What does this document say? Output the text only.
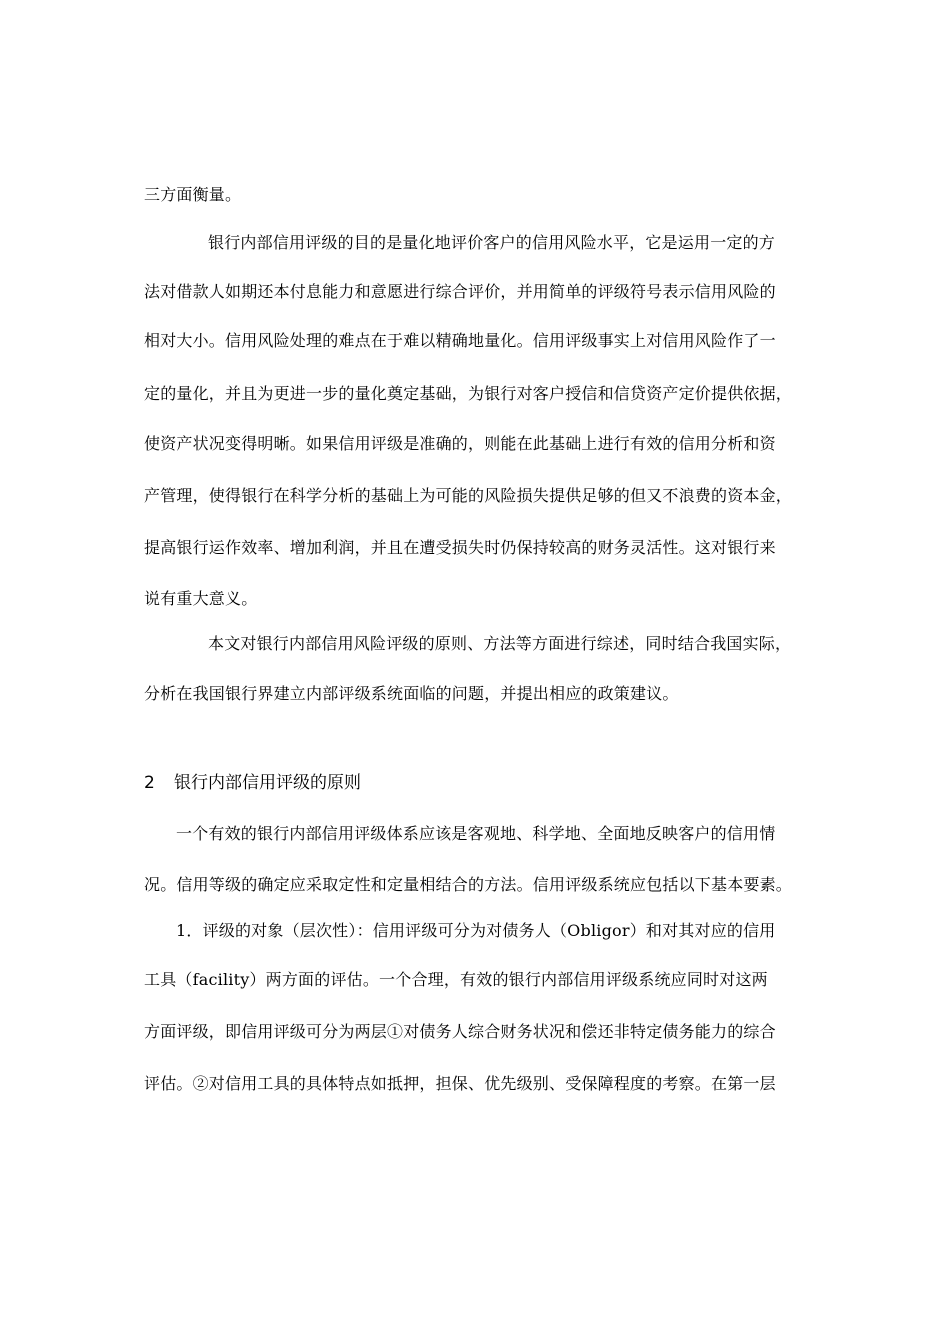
三方面衡量。
银行内部信用评级的目的是量化地评价客户的信用风险水平，它是运用一定的方
法对借款人如期还本付息能力和意愿进行综合评价，并用简单的评级符号表示信用风险的
相对大小。信用风险处理的难点在于难以精确地量化。信用评级事实上对信用风险作了一
定的量化，并且为更进一步的量化奠定基础，为银行对客户授信和信贷资产定价提供依据，
使资产状况变得明晰。如果信用评级是准确的，则能在此基础上进行有效的信用分析和资
产管理，使得银行在科学分析的基础上为可能的风险损失提供足够的但又不浪费的资本金，
提高银行运作效率、增加利润，并且在遭受损失时仍保持较高的财务灵活性。这对银行来
说有重大意义。
本文对银行内部信用风险评级的原则、方法等方面进行综述，同时结合我国实际，
分析在我国银行界建立内部评级系统面临的问题，并提出相应的政策建议。
2 银行内部信用评级的原则
一个有效的银行内部信用评级体系应该是客观地、科学地、全面地反映客户的信用情
况。信用等级的确定应采取定性和定量相结合的方法。信用评级系统应包括以下基本要素。
1．评级的对象（层次性）：信用评级可分为对债务人（Obligor）和对其对应的信用
工具（facility）两方面的评估。一个合理，有效的银行内部信用评级系统应同时对这两
方面评级，即信用评级可分为两层①对债务人综合财务状况和偿还非特定债务能力的综合
评估。②对信用工具的具体特点如抵押，担保、优先级别、受保障程度的考察。在第一层
